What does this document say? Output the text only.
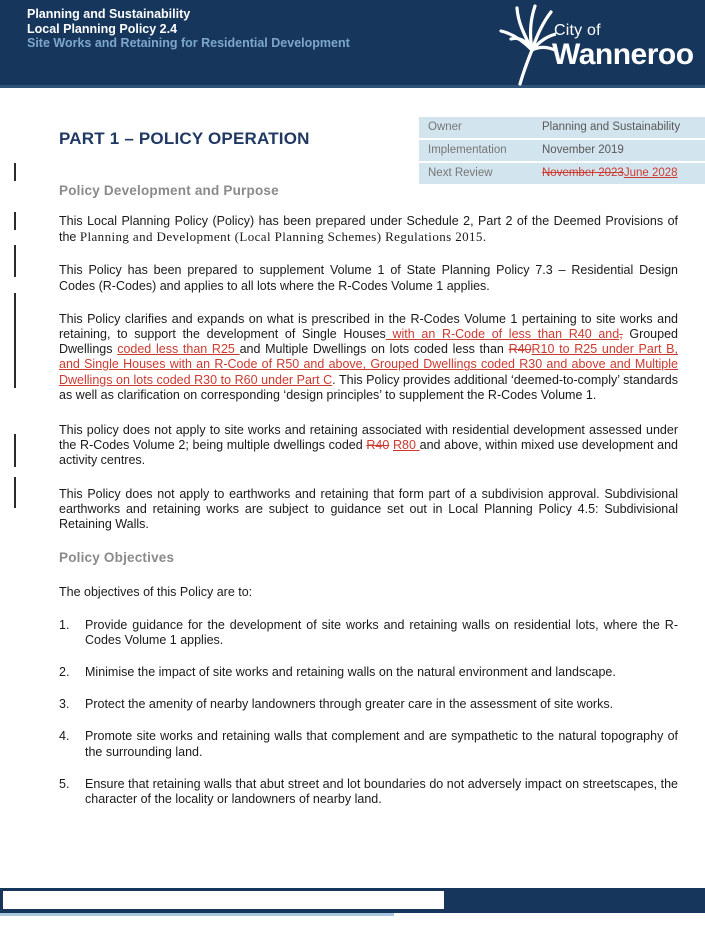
Planning and Sustainability
Local Planning Policy 2.4
Site Works and Retaining for Residential Development
City of
Wanneroo
Owner	Planning and Sustainability
Implementation	November 2019
Next Review	November 2023June 2028
PART 1 – POLICY OPERATION
Policy Development and Purpose

This Local Planning Policy (Policy) has been prepared under Schedule 2, Part 2 of the Deemed Provisions of the Planning and Development (Local Planning Schemes) Regulations 2015.

This Policy has been prepared to supplement Volume 1 of State Planning Policy 7.3 – Residential Design Codes (R-Codes) and applies to all lots where the R-Codes Volume 1 applies.

This Policy clarifies and expands on what is prescribed in the R-Codes Volume 1 pertaining to site works and retaining, to support the development of Single Houses with an R-Code of less than R40 and, Grouped Dwellings coded less than R25 and Multiple Dwellings on lots coded less than R40R10 to R25 under Part B, and Single Houses with an R-Code of R50 and above, Grouped Dwellings coded R30 and above and Multiple Dwellings on lots coded R30 to R60 under Part C. This Policy provides additional ‘deemed-to-comply’ standards as well as clarification on corresponding ‘design principles’ to supplement the R-Codes Volume 1.

This policy does not apply to site works and retaining associated with residential development assessed under the R-Codes Volume 2; being multiple dwellings coded R40 R80 and above, within mixed use development and activity centres.

This Policy does not apply to earthworks and retaining that form part of a subdivision approval. Subdivisional earthworks and retaining works are subject to guidance set out in Local Planning Policy 4.5: Subdivisional Retaining Walls.

Policy Objectives
The objectives of this Policy are to:
1.	Provide guidance for the development of site works and retaining walls on residential lots, where the R-Codes Volume 1 applies.
2.	Minimise the impact of site works and retaining walls on the natural environment and landscape.
3.	Protect the amenity of nearby landowners through greater care in the assessment of site works.
4.	Promote site works and retaining walls that complement and are sympathetic to the natural topography of the surrounding land.
5.	Ensure that retaining walls that abut street and lot boundaries do not adversely impact on streetscapes, the character of the locality or landowners of nearby land.
